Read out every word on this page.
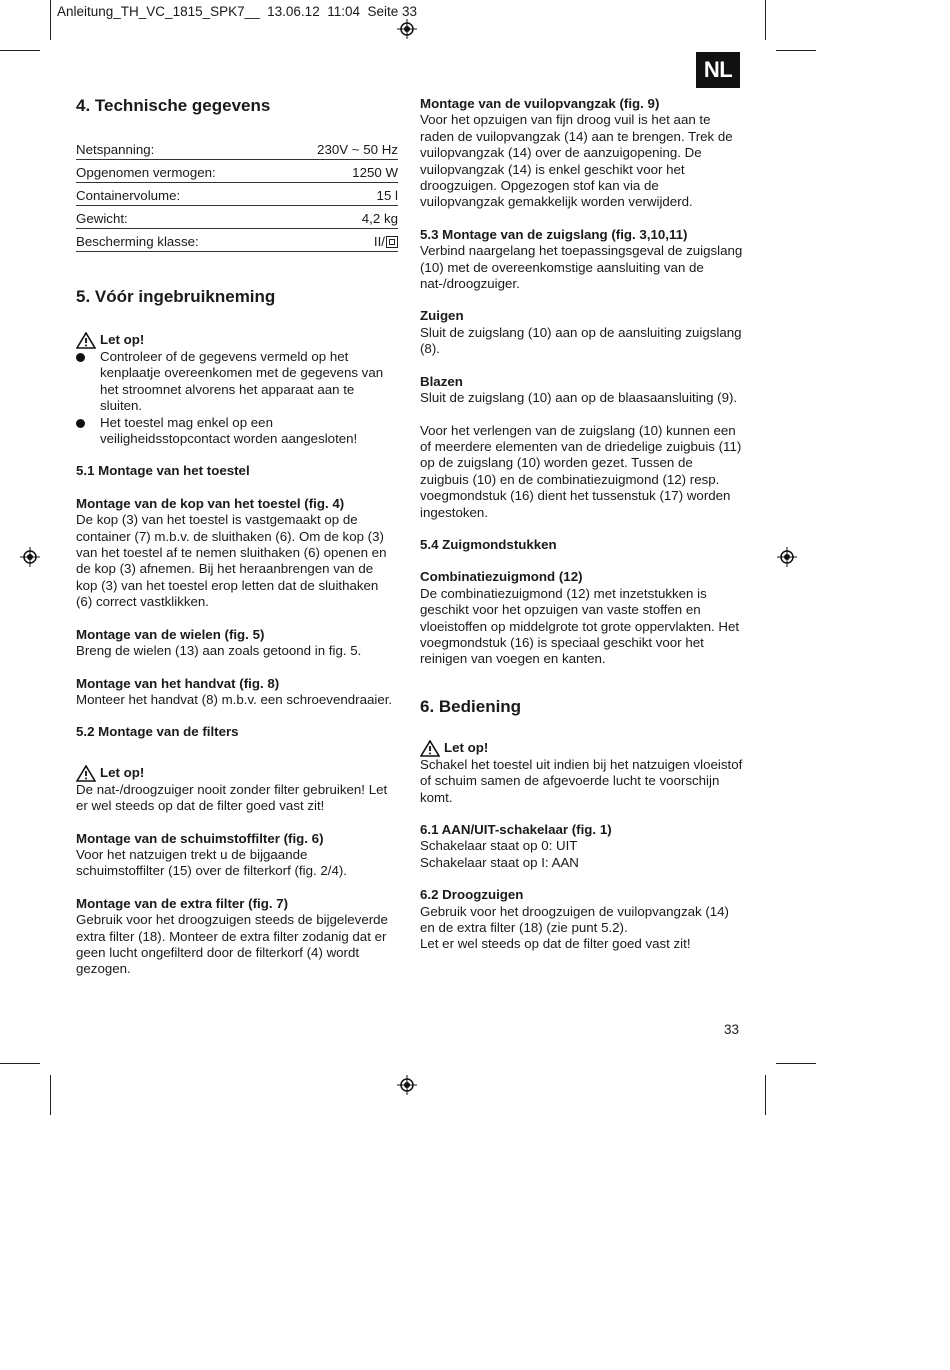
Anleitung_TH_VC_1815_SPK7__  13.06.12  11:04  Seite 33
NL
4. Technische gegevens
Netspanning:	230V ~ 50 Hz
Opgenomen vermogen:	1250 W
Containervolume:	15 l
Gewicht:	4,2 kg
Bescherming klasse:	II/
5. Vóór ingebruikneming
Let op!
Controleer of de gegevens vermeld op het kenplaatje overeenkomen met de gegevens van het stroomnet alvorens het apparaat aan te sluiten.
Het toestel mag enkel op een veiligheidsstopcontact worden aangesloten!

5.1 Montage van het toestel

Montage van de kop van het toestel (fig. 4)

De kop (3) van het toestel is vastgemaakt op de container (7) m.b.v. de sluithaken (6). Om de kop (3) van het toestel af te nemen sluithaken (6) openen en de kop (3) afnemen. Bij het heraanbrengen van de kop (3) van het toestel erop letten dat de sluithaken (6) correct vastklikken.

Montage van de wielen (fig. 5)

Breng de wielen (13) aan zoals getoond in fig. 5.

Montage van het handvat (fig. 8)

Monteer het handvat (8) m.b.v. een schroevendraaier.

5.2 Montage van de filters

Let op!

De nat-/droogzuiger nooit zonder filter gebruiken! Let er wel steeds op dat de filter goed vast zit!

Montage van de schuimstoffilter (fig. 6)

Voor het natzuigen trekt u de bijgaande schuimstoffilter (15) over de filterkorf (fig. 2/4).

Montage van de extra filter (fig. 7)

Gebruik voor het droogzuigen steeds de bijgeleverde extra filter (18). Monteer de extra filter zodanig dat er geen lucht ongefilterd door de filterkorf (4) wordt gezogen.

Montage van de vuilopvangzak (fig. 9)

Voor het opzuigen van fijn droog vuil is het aan te raden de vuilopvangzak (14) aan te brengen. Trek de vuilopvangzak (14) over de aanzuigopening. De vuilopvangzak (14) is enkel geschikt voor het droogzuigen. Opgezogen stof kan via de vuilopvangzak gemakkelijk worden verwijderd.

5.3 Montage van de zuigslang (fig. 3,10,11)

Verbind naargelang het toepassingsgeval de zuigslang (10) met de overeenkomstige aansluiting van de nat-/droogzuiger.

Zuigen

Sluit de zuigslang (10) aan op de aansluiting zuigslang (8).

Blazen

Sluit de zuigslang (10) aan op de blaasaansluiting (9).

Voor het verlengen van de zuigslang (10) kunnen een of meerdere elementen van de driedelige zuigbuis (11) op de zuigslang (10) worden gezet. Tussen de zuigbuis (10) en de combinatiezuigmond (12) resp. voegmondstuk (16) dient het tussenstuk (17) worden ingestoken.

5.4 Zuigmondstukken

Combinatiezuigmond (12)

De combinatiezuigmond (12) met inzetstukken is geschikt voor het opzuigen van vaste stoffen en vloeistoffen op middelgrote tot grote oppervlakten. Het voegmondstuk (16) is speciaal geschikt voor het reinigen van voegen en kanten.

6. Bediening
Let op!

Schakel het toestel uit indien bij het natzuigen vloeistof of schuim samen de afgevoerde lucht te voorschijn komt.

6.1 AAN/UIT-schakelaar (fig. 1)

Schakelaar staat op 0: UIT

Schakelaar staat op I: AAN

6.2 Droogzuigen

Gebruik voor het droogzuigen de vuilopvangzak (14) en de extra filter (18) (zie punt 5.2).

Let er wel steeds op dat de filter goed vast zit!

33
